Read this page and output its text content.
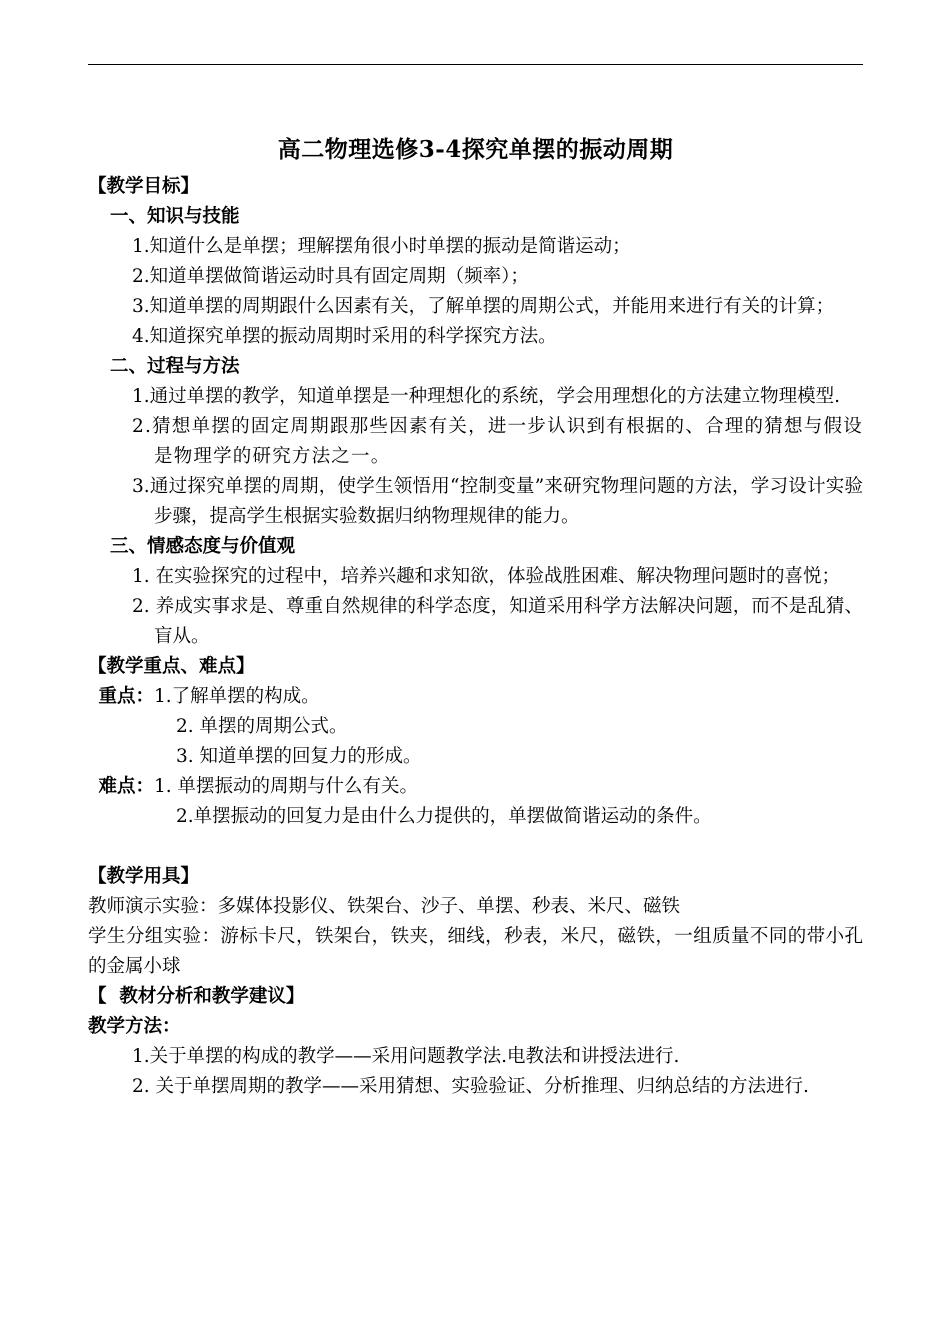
高二物理选修3-4探究单摆的振动周期

【教学目标】

一、知识与技能

1.知道什么是单摆；理解摆角很小时单摆的振动是简谐运动；

2.知道单摆做简谐运动时具有固定周期（频率）；

3.知道单摆的周期跟什么因素有关，了解单摆的周期公式，并能用来进行有关的计算；

4.知道探究单摆的振动周期时采用的科学探究方法。

二、过程与方法

1.通过单摆的教学，知道单摆是一种理想化的系统，学会用理想化的方法建立物理模型.

2.猜想单摆的固定周期跟那些因素有关，进一步认识到有根据的、合理的猜想与假设是物理学的研究方法之一。

3.通过探究单摆的周期，使学生领悟用“控制变量”来研究物理问题的方法，学习设计实验步骤，提高学生根据实验数据归纳物理规律的能力。

三、情感态度与价值观

1. 在实验探究的过程中，培养兴趣和求知欲，体验战胜困难、解决物理问题时的喜悦；

2. 养成实事求是、尊重自然规律的科学态度，知道采用科学方法解决问题，而不是乱猜、盲从。

【教学重点、难点】

重点：1.了解单摆的构成。

2. 单摆的周期公式。

3. 知道单摆的回复力的形成。

难点：1. 单摆振动的周期与什么有关。

2.单摆振动的回复力是由什么力提供的，单摆做简谐运动的条件。

【教学用具】

教师演示实验：多媒体投影仪、铁架台、沙子、单摆、秒表、米尺、磁铁

学生分组实验：游标卡尺，铁架台，铁夹，细线，秒表，米尺，磁铁，一组质量不同的带小孔的金属小球

【  教材分析和教学建议】

教学方法：

1.关于单摆的构成的教学——采用问题教学法.电教法和讲授法进行.

2. 关于单摆周期的教学——采用猜想、实验验证、分析推理、归纳总结的方法进行.
